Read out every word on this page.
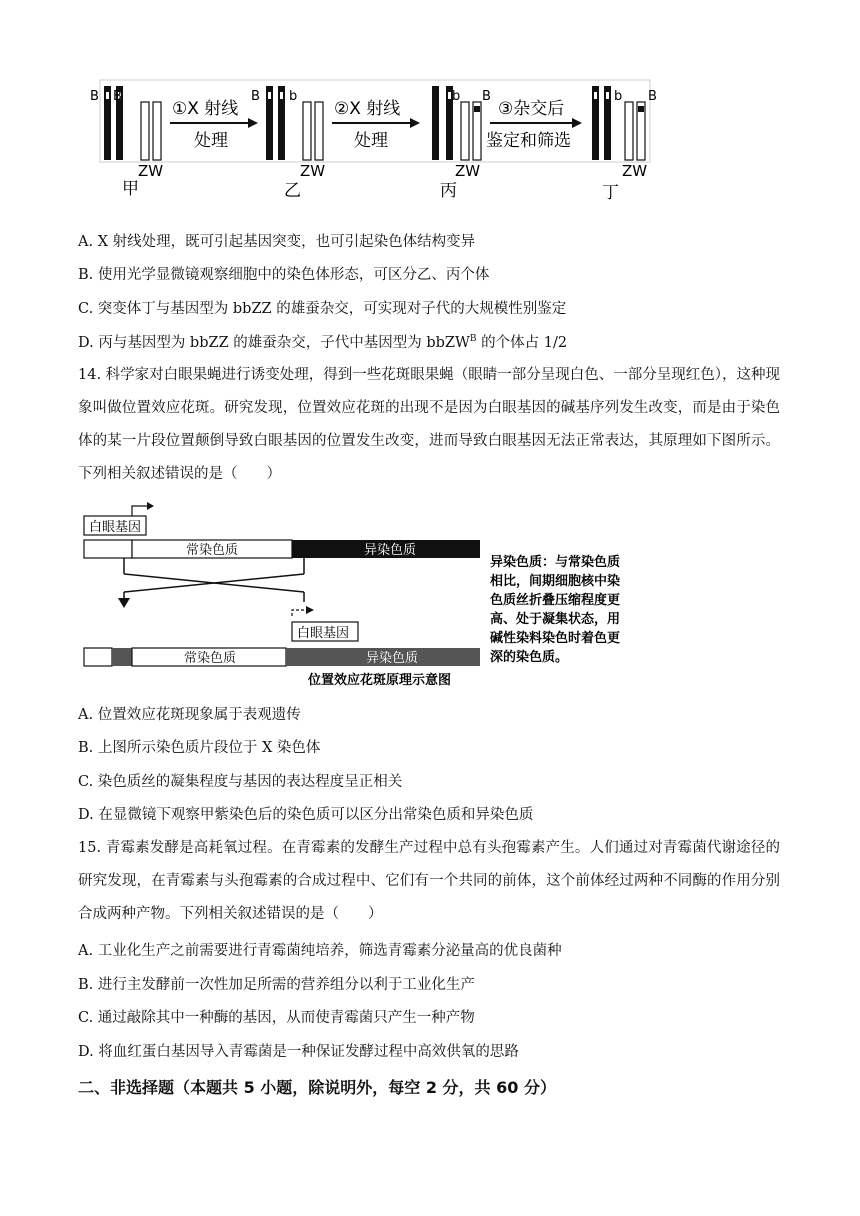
B B
ZW
甲
①X 射线
处理
B b
ZW
乙
②X 射线
处理
b B
ZW
丙
③杂交后
鉴定和筛选
b B
ZW
丁
A. X 射线处理，既可引起基因突变，也可引起染色体结构变异
B. 使用光学显微镜观察细胞中的染色体形态，可区分乙、丙个体
C. 突变体丁与基因型为 bbZZ 的雄蚕杂交，可实现对子代的大规模性别鉴定
D. 丙与基因型为 bbZZ 的雄蚕杂交，子代中基因型为 bbZW$^B$ 的个体占 1/2
14. 科学家对白眼果蝇进行诱变处理，得到一些花斑眼果蝇（眼睛一部分呈现白色、一部分呈现红色），这种现象叫做位置效应花斑。研究发现，位置效应花斑的出现不是因为白眼基因的碱基序列发生改变，而是由于染色体的某一片段位置颠倒导致白眼基因的位置发生改变，进而导致白眼基因无法正常表达，其原理如下图所示。下列相关叙述错误的是（　　）
白眼基因
常染色质	异染色质
白眼基因
常染色质	异染色质
位置效应花斑原理示意图
异染色质：与常染色质
相比，间期细胞核中染
色质丝折叠压缩程度更
高、处于凝集状态，用
碱性染料染色时着色更
深的染色质。
A. 位置效应花斑现象属于表观遗传
B. 上图所示染色质片段位于 X 染色体
C. 染色质丝的凝集程度与基因的表达程度呈正相关
D. 在显微镜下观察甲紫染色后的染色质可以区分出常染色质和异染色质
15. 青霉素发酵是高耗氧过程。在青霉素的发酵生产过程中总有头孢霉素产生。人们通过对青霉菌代谢途径的研究发现，在青霉素与头孢霉素的合成过程中、它们有一个共同的前体，这个前体经过两种不同酶的作用分别合成两种产物。下列相关叙述错误的是（　　）
A. 工业化生产之前需要进行青霉菌纯培养，筛选青霉素分泌量高的优良菌种
B. 进行主发酵前一次性加足所需的营养组分以利于工业化生产
C. 通过敲除其中一种酶的基因，从而使青霉菌只产生一种产物
D. 将血红蛋白基因导入青霉菌是一种保证发酵过程中高效供氧的思路
二、非选择题（本题共 5 小题，除说明外，每空 2 分，共 60 分）
